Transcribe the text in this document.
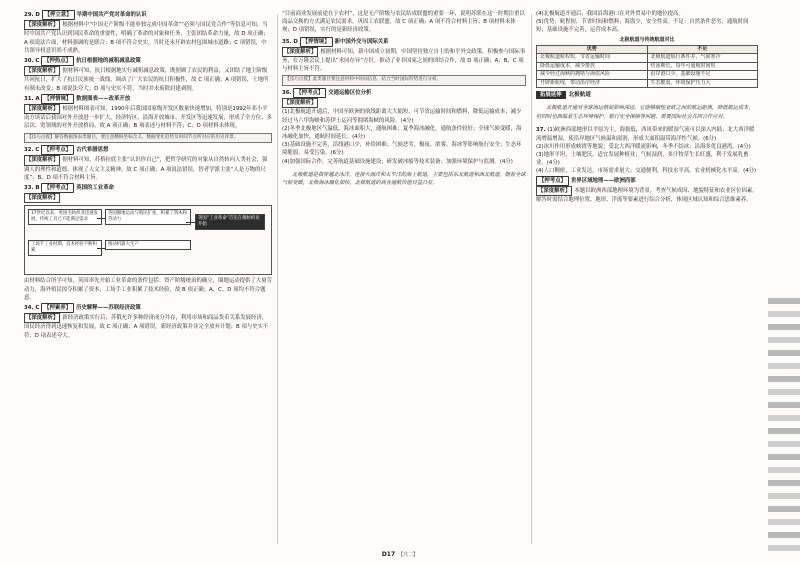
29. D 【押立意】 早期中国共产党对革命的认识

【深度解析】 根据材料中“中国无产阶级不能单独完成中国革命”“必须与国民党合作”等信息可知，当时中国共产党认识到国民革命的重要性，明确了革命的对象和任务，主张团结革命力量，故 D 项正确；A 项说法片面，材料强调的是联合；B 项不符合史实，当时还未开辟农村包围城市道路；C 项错误，中共领导权意识尚不成熟。

30. C 【押热点】 抗日根据地的减租减息政策

【深度解析】 据材料可知，抗日根据地实行减租减息政策，既照顾了农民的利益，又团结了地主阶级共同抗日，扩大了抗日民族统一战线，调动了广大农民的抗日积极性，故 C 项正确；A 项错误，土地所有制未改变；B 项说法夸大；D 项与史实不符，当时并未废除封建剥削。

31. A 【押情境】 数据图表——改革开放

【深度解析】 根据材料图表可知，1990年后我国国家级开发区数量快速增加，特别是1992年邓小平南方谈话后我国对外开放进一步扩大，经济特区、沿海开放城市、开发区等迅速发展，形成了全方位、多层次、宽领域的对外开放格局，故 A 项正确；B 项表述与材料不符；C、D 项材料未体现。

【技巧点拨】解答数据图表类题目，要注意横纵坐标含义、数据变化趋势及时间节点所对应的历史背景。
32. C 【押考点】 古代希腊思想

【深度解析】 据材料可知，苏格拉底主张“认识你自己”，把哲学研究的对象从自然转向人类社会，强调人的理性和道德，体现了人文主义精神，故 C 项正确；A 项说法错误，智者学派主张“人是万物的尺度”；B、D 项不符合材料主旨。

33. B 【押考点】 英国的工业革命

【深度解析】

17世纪以来，英国毛纺织业迅速发展，传统工具已不能满足需求
英国圈地运动与殖民扩张，积累了资本和劳动力
工场手工业时期，技术经验不断积累
英国“工业革命”首先在棉纺织业开始
推动机器大生产

由材料结合所学可知，英国率先开始工业革命的条件包括：资产阶级统治的确立，圈地运动提供了大量劳动力，海外殖民掠夺积累了资本，工场手工业积累了技术经验，故 B 项正确；A、C、D 项均不符合题意。

34. C 【押素养】 历史解释——苏联经济政策

【深度解析】 新经济政策实行后，苏俄允许多种经济成分并存，利用市场和商品货币关系发展经济，国民经济得到迅速恢复和发展，故 C 项正确；A 项错误，新经济政策并非完全放弃计划；B 项与史实不符；D 项表述夸大。

“目前商业发展前途在于农村”，这是无产阶级与农民结成联盟的重要一环，说明苏联在这一时期注重以商品交换的方式满足农民需求，巩固工农联盟，故 C 项正确；A 项不符合材料主旨；B 项材料未体现；D 项错误，实行的是新经济政策。

35. D 【押情境】 新中国外交与国际关系

【深度解析】 根据材料可知，新中国成立初期，中国坚持独立自主的和平外交政策，积极参与国际事务，在万隆会议上提出“求同存异”方针，推动了亚非国家之间的团结合作，故 D 项正确；A、B、C 项与材料主旨不符。

【技巧点拨】此类题目要注意材料中时间信息，结合当时国际形势进行分析。
36. 【押考点】 交通运输区位分析

【深度解析】

(1)北极航道开通后，中国至欧洲的航线距离大大缩短，可节省运输时间和燃料，降低运输成本；减少经过马六甲海峡和苏伊士运河等拥堵海峡的风险。(4分)

(2)冬季北极地区气温低，海冰面积大，通航困难；夏季海冰融化，通航条件较好；全球气候变暖，海冰融化加快，通航时间延长。(4分)

(3)基础设施不完善，沿线港口少，补给困难；气候恶劣，极夜、浓雾、海冰等影响航行安全；生态环境脆弱，易受污染。(6分)

(4)加强国际合作，完善航道基础设施建设；研发破冰船等技术装备；加强环境保护与监测。(4分)

北极航道是指穿越北冰洋，连接大西洋和太平洋的海上航道，主要包括东北航道和西北航道。随着全球气候变暖，北极海冰融化加快，北极航道的商业通航价值日益凸显。

(4)北极航道开通后，我国沿海港口在对外贸易中的地位提高。

(5)优势：航程短，节省时间和燃料；海盗少，安全性高。不足：自然条件恶劣，通航时间短；基础设施不完善，运营成本高。

北极航道与传统航道对比
优势	不足
北极航道航程短，节省运输时间	北极航道航行条件差，气候寒冷
降低运输成本，减少排放	结冰期长，每年可通航时间短
减少经过海峡的拥堵与海盗风险	沿岸港口少，基础设施不足
开辟新航线，带动沿岸经济	生态脆弱，环境保护压力大
拓展延伸	北极航道

北极航道开通对全球海运格局影响深远，它能够缩短亚欧之间的航运距离，降低航运成本，但同时也面临着生态环境保护、航行安全保障等问题，需要国际社会共同合作应对。

37. (1)欧洲西部地形以平原为主，海拔低，西风带来的暖湿气流可以深入内陆；北大西洋暖流增温增湿，使沿岸地区气候温和湿润，形成大面积温带海洋性气候。(6分)

(2)冰川作用形成峡湾等地貌；受北大西洋暖流影响，冬季不结冰；沿海多优良港湾。(4分)

(3)地形平坦，土壤肥沃，适宜发展种植业；气候湿润，多汁牧草生长旺盛，利于发展乳畜业。(4分)

(4)人口稠密，工业发达，市场需求量大；交通便利，科技水平高，农业机械化水平高。(4分)

【押考点】 世界区域地理——欧洲西部

【深度解析】 本题以欧洲西部地理环境为背景，考查气候成因、地貌特征和农业区位因素。解答时需结合地理位置、地形、洋流等要素进行综合分析，体现区域认知和综合思维素养。

D17 【共二】
